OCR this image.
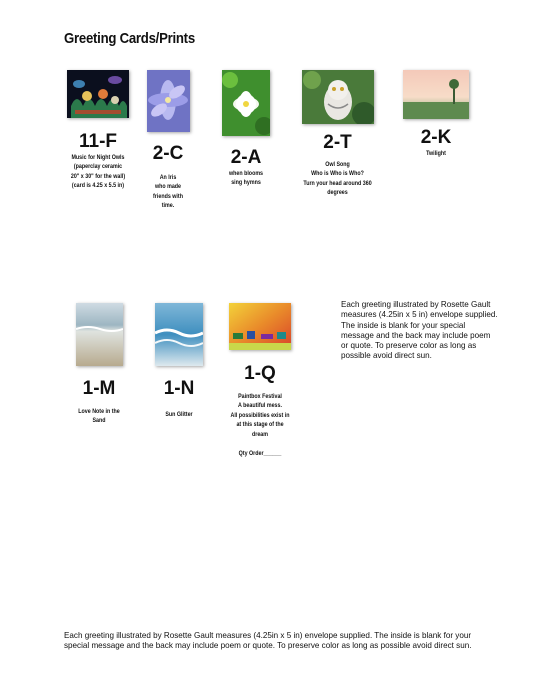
Greeting Cards/Prints
11-F
Music for Night Owls
(paperclay ceramic
20" x 30" for the wall)
(card is 4.25 x 5.5 in)
2-C
An Iris
who made
friends with
time.
2-A
when blooms
sing hymns
2-T
Owl Song
Who is Who is Who?
Turn your head around 360
degrees
2-K
Twilight
1-M
Love Note in the
Sand
1-N
Sun Glitter
1-Q
Paintbox Festival
A beautiful mess.
All possibilities exist in
at this stage of the
dream
Qty Order______
Each greeting illustrated by Rosette Gault measures (4.25in x 5 in) envelope supplied.
The inside is blank for your special message and the back may include poem or quote. To preserve color as long as possible avoid direct sun.
Each greeting illustrated by Rosette Gault measures (4.25in x 5 in) envelope supplied. The inside is blank for your special message and the back may include poem or quote. To preserve color as long as possible avoid direct sun.
